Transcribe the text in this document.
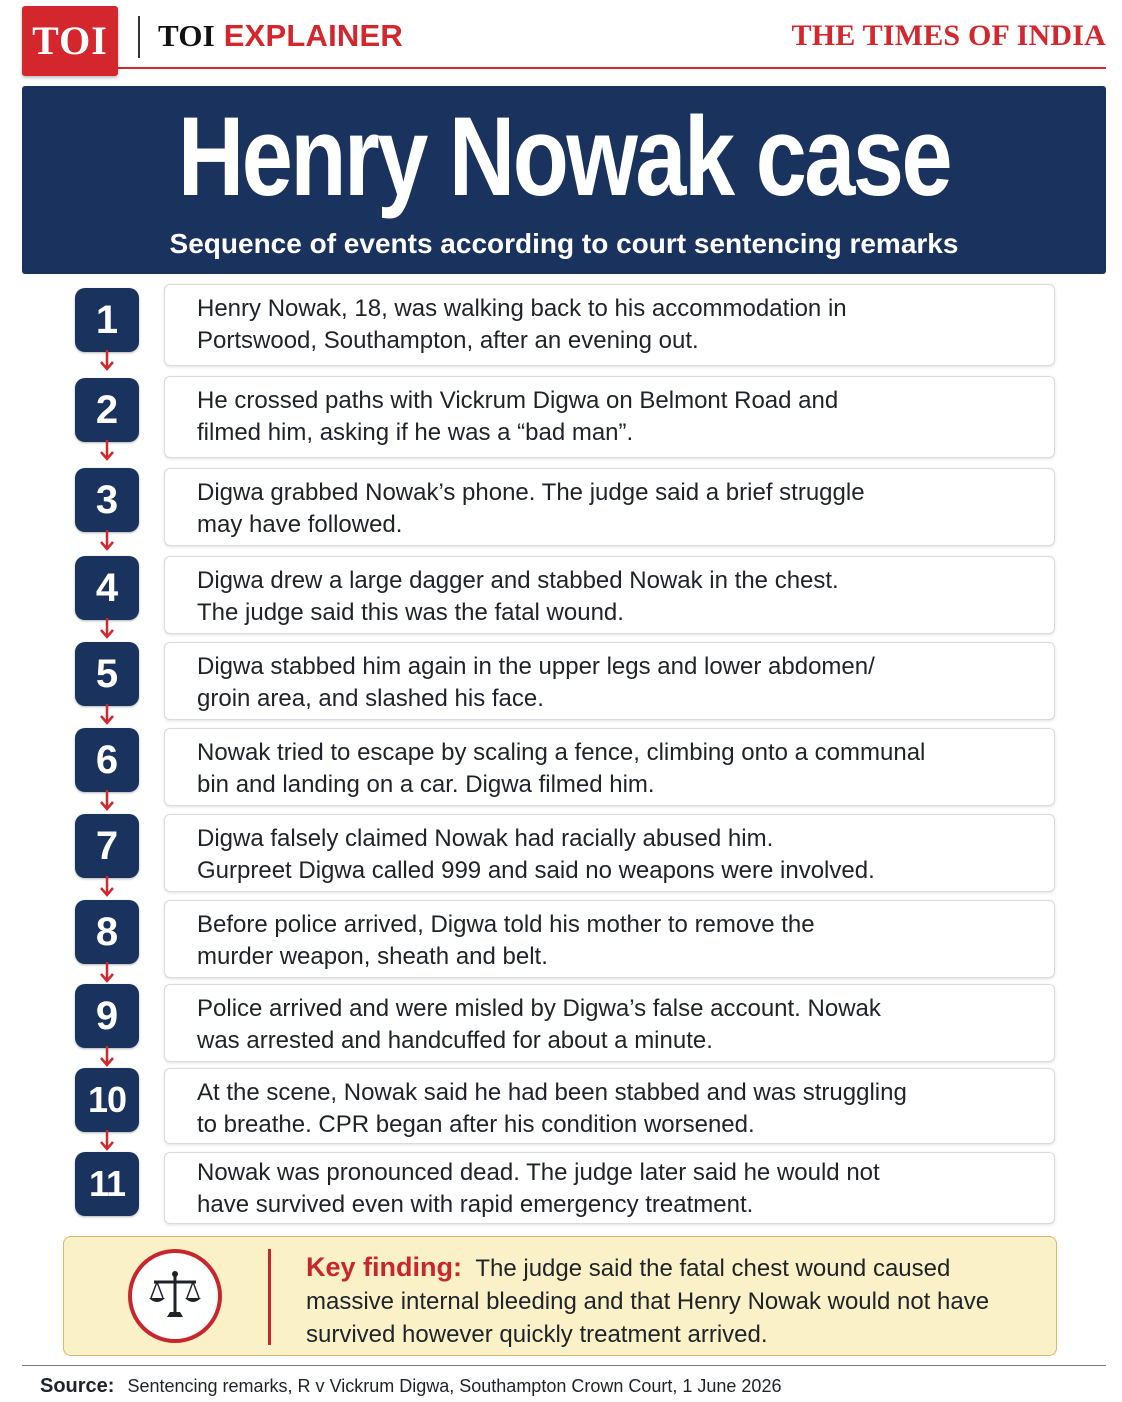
TOI	TOI EXPLAINER	THE TIMES OF INDIA
Henry Nowak case
Sequence of events according to court sentencing remarks
1	Henry Nowak, 18, was walking back to his accommodation in
Portswood, Southampton, after an evening out.
2	He crossed paths with Vickrum Digwa on Belmont Road and
filmed him, asking if he was a “bad man”.
3	Digwa grabbed Nowak’s phone. The judge said a brief struggle
may have followed.
4	Digwa drew a large dagger and stabbed Nowak in the chest.
The judge said this was the fatal wound.
5	Digwa stabbed him again in the upper legs and lower abdomen/
groin area, and slashed his face.
6	Nowak tried to escape by scaling a fence, climbing onto a communal
bin and landing on a car. Digwa filmed him.
7	Digwa falsely claimed Nowak had racially abused him.
Gurpreet Digwa called 999 and said no weapons were involved.
8	Before police arrived, Digwa told his mother to remove the
murder weapon, sheath and belt.
9	Police arrived and were misled by Digwa’s false account. Nowak
was arrested and handcuffed for about a minute.
10	At the scene, Nowak said he had been stabbed and was struggling
to breathe. CPR began after his condition worsened.
11	Nowak was pronounced dead. The judge later said he would not
have survived even with rapid emergency treatment.
Key finding: The judge said the fatal chest wound caused
massive internal bleeding and that Henry Nowak would not have
survived however quickly treatment arrived.
Source: Sentencing remarks, R v Vickrum Digwa, Southampton Crown Court, 1 June 2026
